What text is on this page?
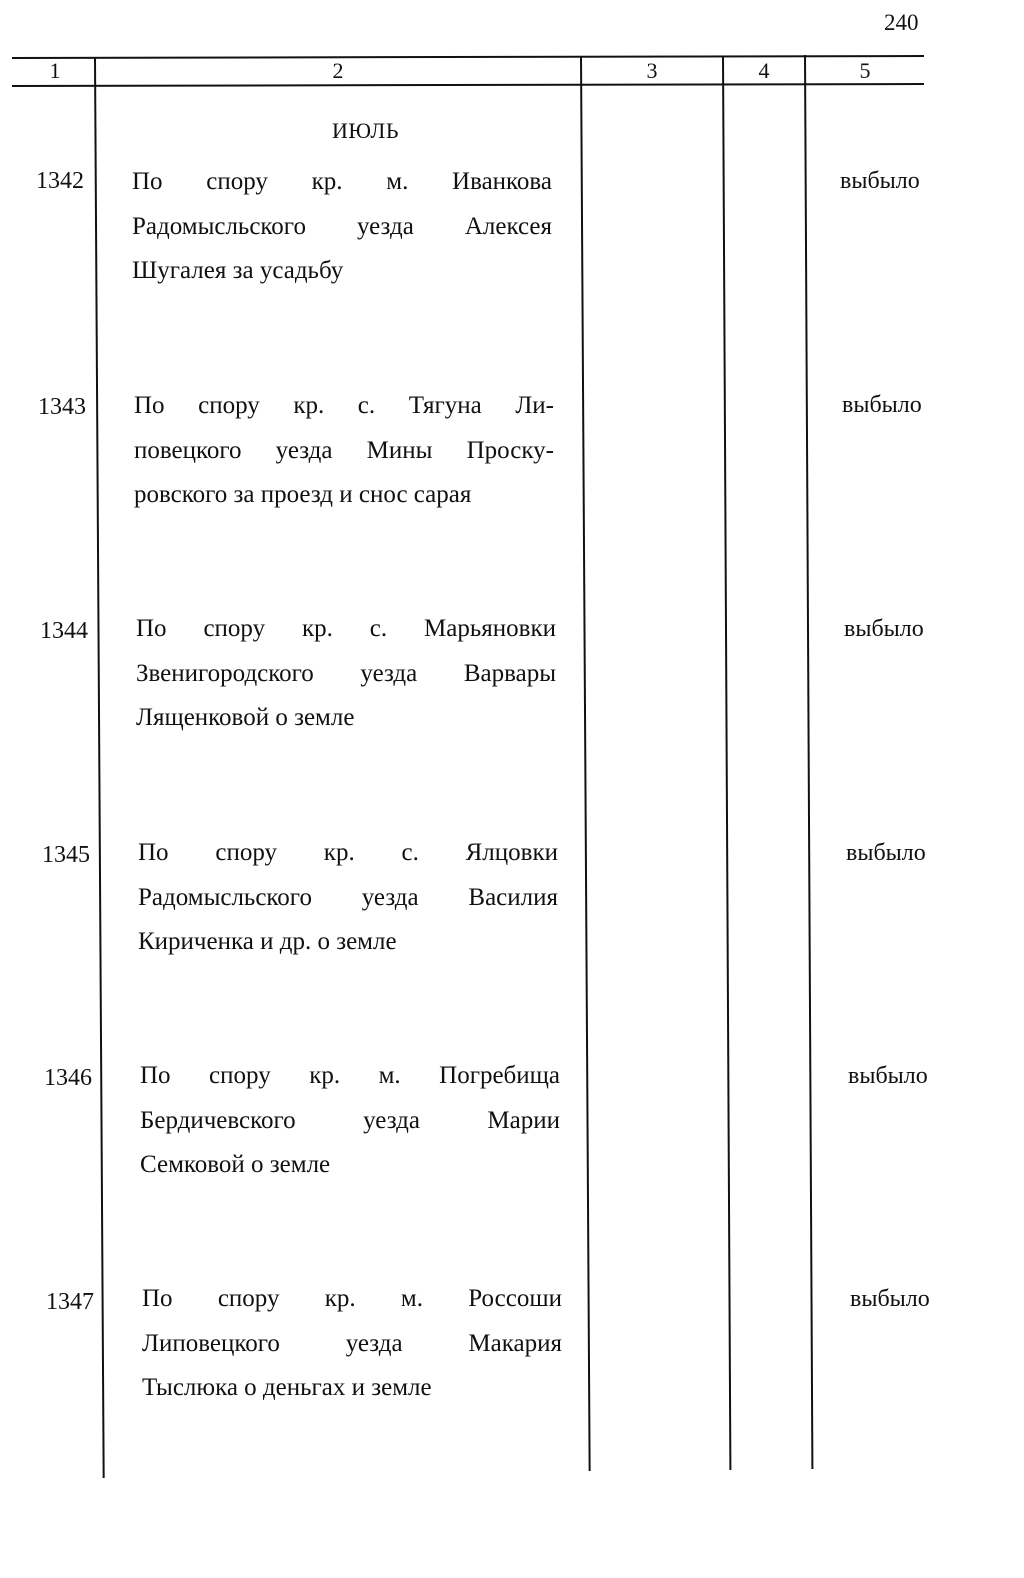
240
1	2	3	4	5
ИЮЛЬ
1342 По спору кр. м. Иванкова
Радомысльского уезда Алексея
Шугалея за усадьбу
выбыло
1343 По спору кр. с. Тягуна Ли-
повецкого уезда Мины Проску-
ровского за проезд и снос сарая
выбыло
1344 По спору кр. с. Марьяновки
Звенигородского уезда Варвары
Лященковой о земле
выбыло
1345 По спору кр. с. Ялцовки
Радомысльского уезда Василия
Кириченка и др. о земле
выбыло
1346 По спору кр. м. Погребища
Бердичевского уезда Марии
Семковой о земле
выбыло
1347 По спору кр. м. Россоши
Липовецкого уезда Макария
Тыслюка о деньгах и земле
выбыло
